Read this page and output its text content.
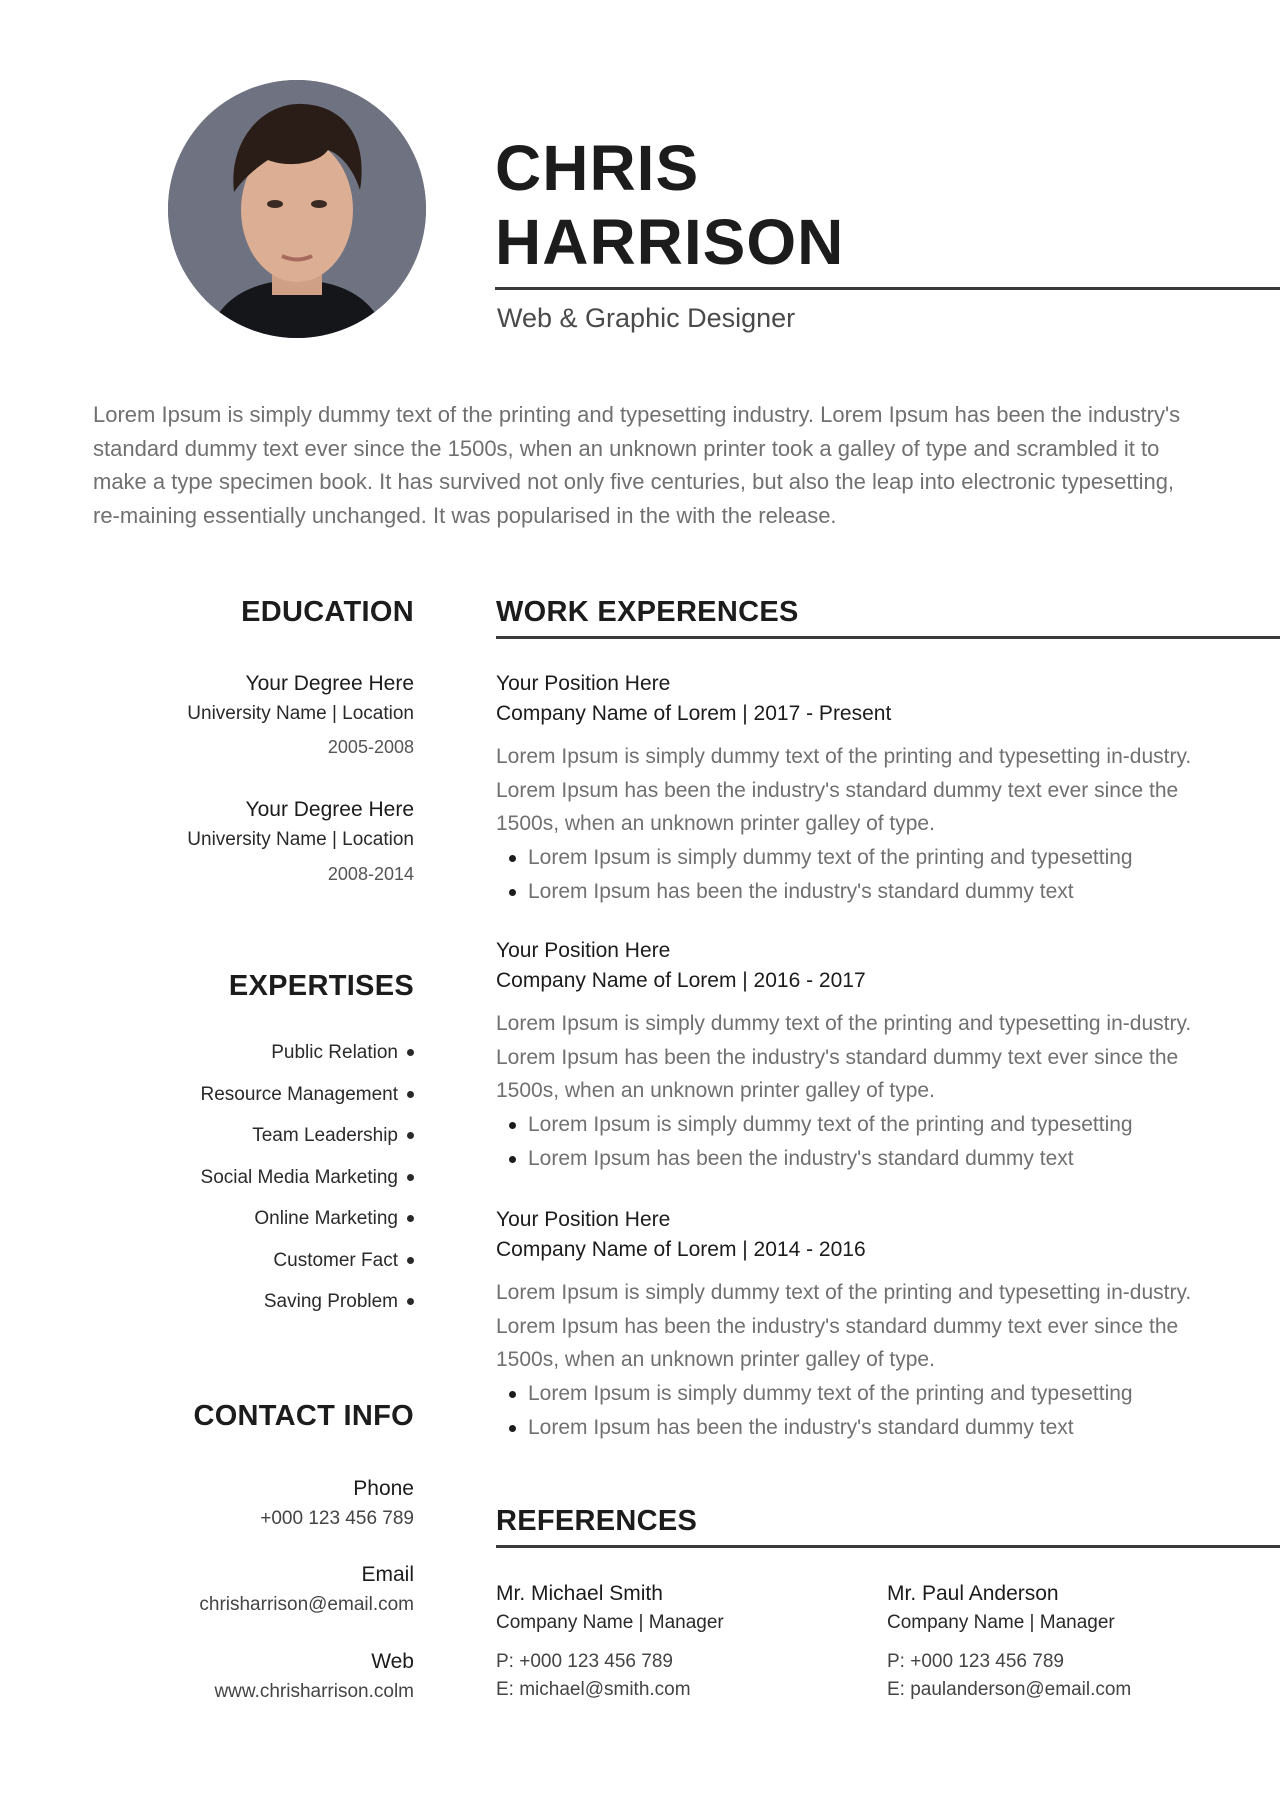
CHRIS
HARRISON
Web & Graphic Designer

Lorem Ipsum is simply dummy text of the printing and typesetting industry. Lorem Ipsum has been the industry's standard dummy text ever since the 1500s, when an unknown printer took a galley of type and scrambled it to make a type specimen book. It has survived not only five centuries, but also the leap into electronic typesetting, re-maining essentially unchanged. It was popularised in the with the release.

EDUCATION
Your Degree Here
University Name | Location
2005-2008
Your Degree Here
University Name | Location
2008-2014
EXPERTISES
Public Relation
Resource Management
Team Leadership
Social Media Marketing
Online Marketing
Customer Fact
Saving Problem
CONTACT INFO
Phone
+000 123 456 789
Email
chrisharrison@email.com
Web
www.chrisharrison.colm
WORK EXPERENCES
Your Position Here
Company Name of Lorem | 2017 - Present

Lorem Ipsum is simply dummy text of the printing and typesetting in-dustry. Lorem Ipsum has been the industry's standard dummy text ever since the 1500s, when an unknown printer galley of type.

Lorem Ipsum is simply dummy text of the printing and typesetting
Lorem Ipsum has been the industry's standard dummy text
Your Position Here
Company Name of Lorem | 2016 - 2017

Lorem Ipsum is simply dummy text of the printing and typesetting in-dustry. Lorem Ipsum has been the industry's standard dummy text ever since the 1500s, when an unknown printer galley of type.

Lorem Ipsum is simply dummy text of the printing and typesetting
Lorem Ipsum has been the industry's standard dummy text
Your Position Here
Company Name of Lorem | 2014 - 2016

Lorem Ipsum is simply dummy text of the printing and typesetting in-dustry. Lorem Ipsum has been the industry's standard dummy text ever since the 1500s, when an unknown printer galley of type.

Lorem Ipsum is simply dummy text of the printing and typesetting
Lorem Ipsum has been the industry's standard dummy text
REFERENCES
Mr. Michael Smith
Company Name | Manager
P: +000 123 456 789
E: michael@smith.com
Mr. Paul Anderson
Company Name | Manager
P: +000 123 456 789
E: paulanderson@email.com
